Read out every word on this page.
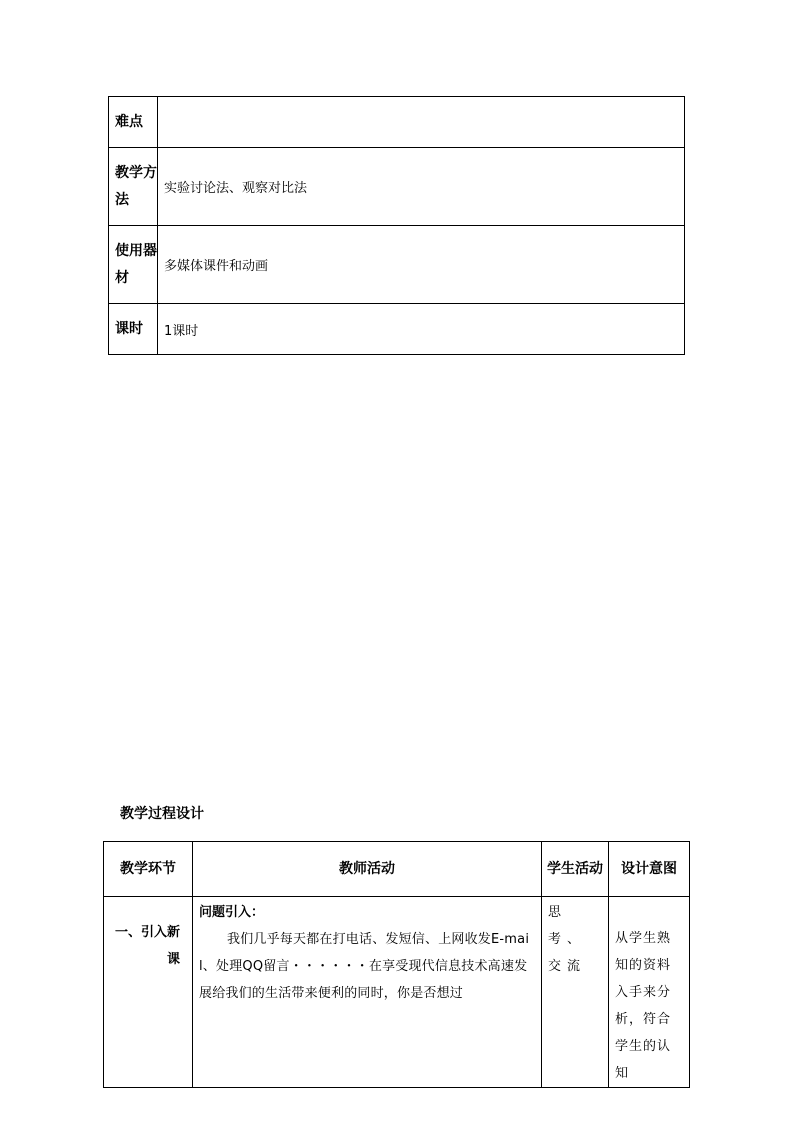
难点	
教学方法	实验讨论法、观察对比法
使用器材	多媒体课件和动画
课时	1课时
教学过程设计
教学环节	教师活动	学生活动	设计意图
一、引入新课	问题引入：
我们几乎每天都在打电话、发短信、上网收发E-mail、处理QQ留言・・・・・・在享受现代信息技术高速发展给我们的生活带来便利的同时，你是否想过	思考、交流	从学生熟知的资料入手来分析，符合学生的认知
